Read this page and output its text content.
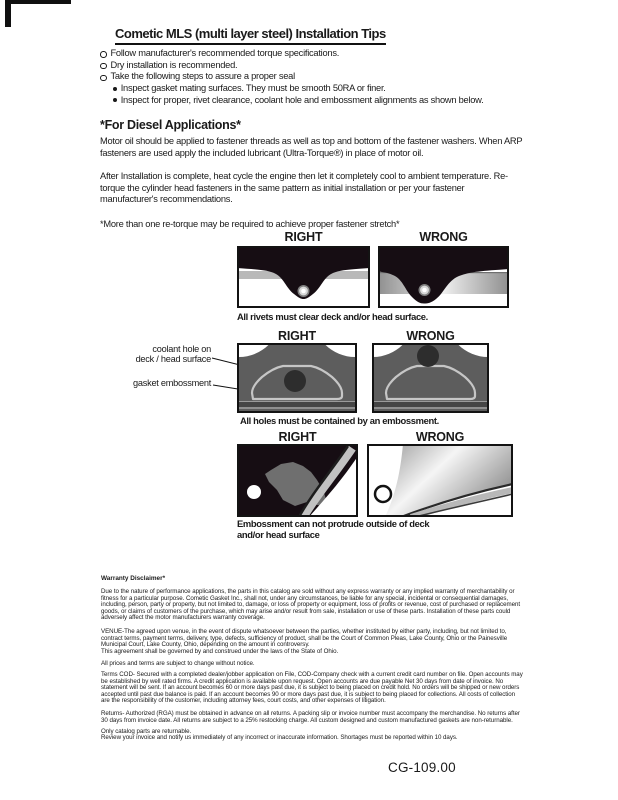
Cometic MLS (multi layer steel) Installation Tips
Follow manufacturer's recommended torque specifications.
Dry installation is recommended.
Take the following steps to assure a proper seal
Inspect gasket mating surfaces. They must be smooth 50RA or finer.
Inspect for proper, rivet clearance, coolant hole and embossment alignments as shown below.
*For Diesel Applications*
Motor oil should be applied to fastener threads as well as top and bottom of the fastener washers. When ARP fasteners are used apply the included lubricant (Ultra-Torque®) in place of motor oil.
After Installation is complete, heat cycle the engine then let it completely cool to ambient temperature. Re-torque the cylinder head fasteners in the same pattern as initial installation or per your fastener manufacturer's recommendations.
*More than one re-torque may be required to achieve proper fastener stretch*
RIGHT	WRONG
All rivets must clear deck and/or head surface.
RIGHT	WRONG
coolant hole on
deck / head surface
gasket embossment
All holes must be contained by an embossment.
RIGHT	WRONG
Embossment can not protrude outside of deck
and/or head surface
Warranty Disclaimer*
Due to the nature of performance applications, the parts in this catalog are sold without any express warranty or any implied warranty of merchantability or fitness for a particular purpose. Cometic Gasket Inc., shall not, under any circumstances, be liable for any special, incidental or consequential damages, including, person, party or property, but not limited to, damage, or loss of property or equipment, loss of profits or revenue, cost of purchased or replacement goods, or claims of customers of the purchase, which may arise and/or result from sale, installation or use of these parts. Installation of these parts could adversely affect the motor manufacturers warranty coverage.
VENUE-The agreed upon venue, in the event of dispute whatsoever between the parties, whether instituted by either party, including, but not limited to, contract terms, payment terms, delivery, type, defects, sufficiency of product, shall be the Court of Common Pleas, Lake County, Ohio or the Painesville Municipal Court, Lake County, Ohio, depending on the amount in controversy.
This agreement shall be governed by and construed under the laws of the State of Ohio.
All prices and terms are subject to change without notice.
Terms COD- Secured with a completed dealer/jobber application on File, COD-Company check with a current credit card number on file. Open accounts may be established by well rated firms. A credit application is available upon request. Open accounts are due payable Net 30 days from date of invoice. No statement will be sent. If an account becomes 60 or more days past due, it is subject to being placed on credit hold. No orders will be shipped or new orders accepted until past due balance is paid. If an account becomes 90 or more days past due, it is subject to being placed for collections. All costs of collection are the responsibility of the customer, including attorney fees, court costs, and other expenses of litigation.
Returns- Authorized (RGA) must be obtained in advance on all returns. A packing slip or invoice number must accompany the merchandise. No returns after 30 days from invoice date. All returns are subject to a 25% restocking charge. All custom designed and custom manufactured gaskets are non-returnable.
Only catalog parts are returnable.
Review your invoice and notify us immediately of any incorrect or inaccurate information. Shortages must be reported within 10 days.
CG-109.00
